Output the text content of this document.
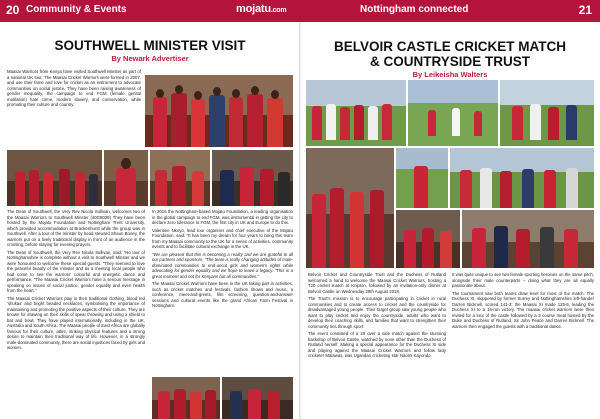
20 Community & Events	mojatu.com	Nottingham connected	21
SOUTHWELL MINISTER VISIT
By Newark Advertiser

Maasai Warriors from Kenya have visited Southwell Minster as part of a national UK tour. The Maasai Cricket Warriors were formed in 2007, and use their fame and love for cricket as an instrument to advocate communities on social justice. They have been raising awareness of gender inequality, the campaign to end FGM (female genital mutilation) hate crime, modern slavery, and conservation, while promoting their culture and country.

The Dean of Southwell, the Very Rev Nicola Sullivan, welcomes two of the Maasai Warriors to Southwell Minster (40G8039) They have been hosted by the Mojatu Foundation and Nottingham Trent University, which provided accommodation at Brackenhurst while the group was in Southwell. After a tour of the minster by head steward Shaun Boney, the warriors put on a lively traditional display in front of an audience in the crossing, before staying for evening prayers.

The Dean of Southwell, the Very Rev Nicola Sullivan, said: "No tour of Nottinghamshire is complete without a visit to Southwell Minster and we were honoured to welcome these special guests. "They seemed to love the peaceful beauty of the minster and as a meeting local people who had come to see the warriors' colourful and energetic dance and performance. "The Maasai Cricket Warriors have a serious message in speaking on issues of social justice, gender equality and even health from the heart."

The Maasai Cricket Warriors play in their traditional clothing, blood red 'shukas' and bright beaded necklaces, symbolising the importance of maintaining and promoting the positive aspects of their culture. They are known for drawing on their skills of spear throwing and using a shield to bat and bowl. They have played internationally, including in the UK, Australia and South Africa. The Maasai people of East Africa are globally famous for their culture, attire, striking physical features and a strong desire to maintain their traditional way of life. However, in a strongly male-dominated community, there are social injustices faced by girls and women.

In 2016 the Nottingham-based Mojatu Foundation, a leading organisation in the global campaign to end FGM, was instrumental in getting the city to declare zero tolerance to FGM, the first city in UK and Europe to do this.

Valentine Nkoyo, lead tour organiser and chief executive of the Mojatu Foundation, said: "It has been my dream for four years to bring this team from my Maasai community to the UK for a series of activities, community events and to facilitate cultural exchange in the UK.

"We are pleased that this is becoming a reality and we are grateful to all our partners and sponsors. "The team is really changing attitudes of male-dominated communities to end-uncut girls and women's rights while advocating for gender equality and we hope to leave a legacy. "This is a great moment and not for Kenyans but all communities."

The Maasai Cricket Warriors have been in the UK taking part in activities, such as cricket matches and festivals, fashion shows and music, a conference, meet-and-greets, film screening, question-and-answer sessions and cultural events like the grand African Farm Festival in Nottingham.

BELVOIR CASTLE CRICKET MATCH
& COUNTRYSIDE TRUST
By Leikeisha Walters

Belvoir Cricket and Countryside Trust and the Duchess of Rutland welcomed a hand to welcome the Maasai Cricket Warriors, hosting a T20 cricket match at Knipton, followed by an invitation-only dinner at Belvoir Castle on Wednesday 29th August 2018.

The Trust's mission is to encourage participating in cricket in rural communities and to create access to cricket and the countryside for disadvantaged young people. Their target group saw young people who want to play cricket and enjoy the countryside, adults who want to develop their coaching skills, and families that want to strengthen their community ties through sport.

The event consisted of a 20 over a side match against the stunning backdrop of Belvoir Castle, watched by none other than the Duchess of Rutland herself. Making a special appearance for the Duchess XI side and playing against the Maasai Cricket Warriors and fellow lady cricketer Malawas, was Ugandan cricketing star Naomi Kayondo.

It was quite unique to see two female sporting heroines on the same pitch, alongside their male counterparts – doing what they are all equally passionate about.

The tournament saw both teams draw level for most of the match. The Duchess XI, skippered by former Surrey and Nottinghamshire left-hander Darren Bicknell, scored 141-3; the Maasai XI made 125-6, leading the Duchess XI to a 16-run victory. The maasai cricket warriors were then invited for a tour of the castle followed by a 3 course meal hosted by the Duke and Duchess of Rutland, Sir John Peace and Darren Bicknell. The warriors then engaged the guests with a traditional dance.
